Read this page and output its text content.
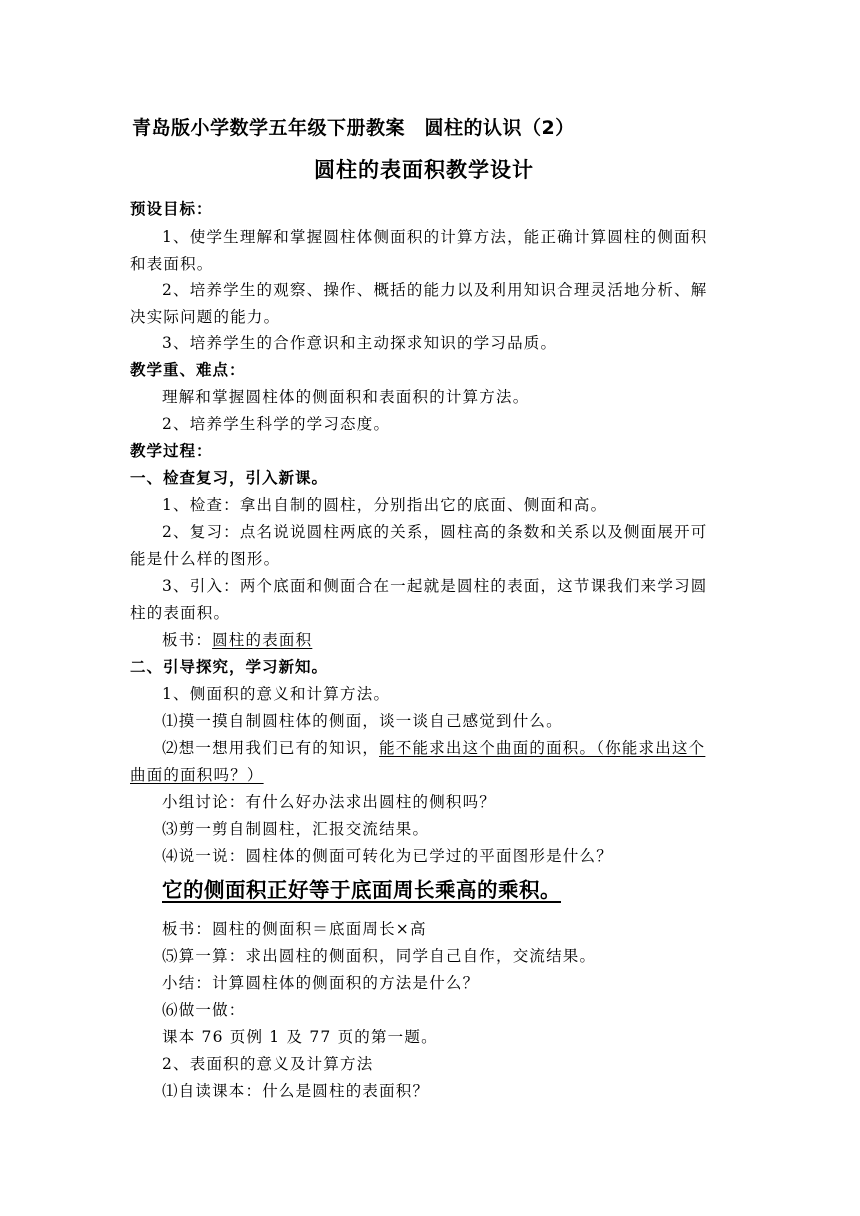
青岛版小学数学五年级下册教案　圆柱的认识（2）
圆柱的表面积教学设计
预设目标：
1、使学生理解和掌握圆柱体侧面积的计算方法，能正确计算圆柱的侧面积
和表面积。
2、培养学生的观察、操作、概括的能力以及利用知识合理灵活地分析、解
决实际问题的能力。
3、培养学生的合作意识和主动探求知识的学习品质。
教学重、难点：
理解和掌握圆柱体的侧面积和表面积的计算方法。
2、培养学生科学的学习态度。
教学过程：
一、检查复习，引入新课。
1、检查：拿出自制的圆柱，分别指出它的底面、侧面和高。
2、复习：点名说说圆柱两底的关系，圆柱高的条数和关系以及侧面展开可
能是什么样的图形。
3、引入：两个底面和侧面合在一起就是圆柱的表面，这节课我们来学习圆
柱的表面积。
板书：圆柱的表面积
二、引导探究，学习新知。
1、侧面积的意义和计算方法。
⑴摸一摸自制圆柱体的侧面，谈一谈自己感觉到什么。
⑵想一想用我们已有的知识，能不能求出这个曲面的面积。（你能求出这个
曲面的面积吗？）
小组讨论：有什么好办法求出圆柱的侧积吗？
⑶剪一剪自制圆柱，汇报交流结果。
⑷说一说：圆柱体的侧面可转化为已学过的平面图形是什么？
它的侧面积正好等于底面周长乘高的乘积。
板书：圆柱的侧面积＝底面周长×高
⑸算一算：求出圆柱的侧面积，同学自己自作，交流结果。
小结：计算圆柱体的侧面积的方法是什么？
⑹做一做：
课本 76 页例 1 及 77 页的第一题。
2、表面积的意义及计算方法
⑴自读课本：什么是圆柱的表面积？
